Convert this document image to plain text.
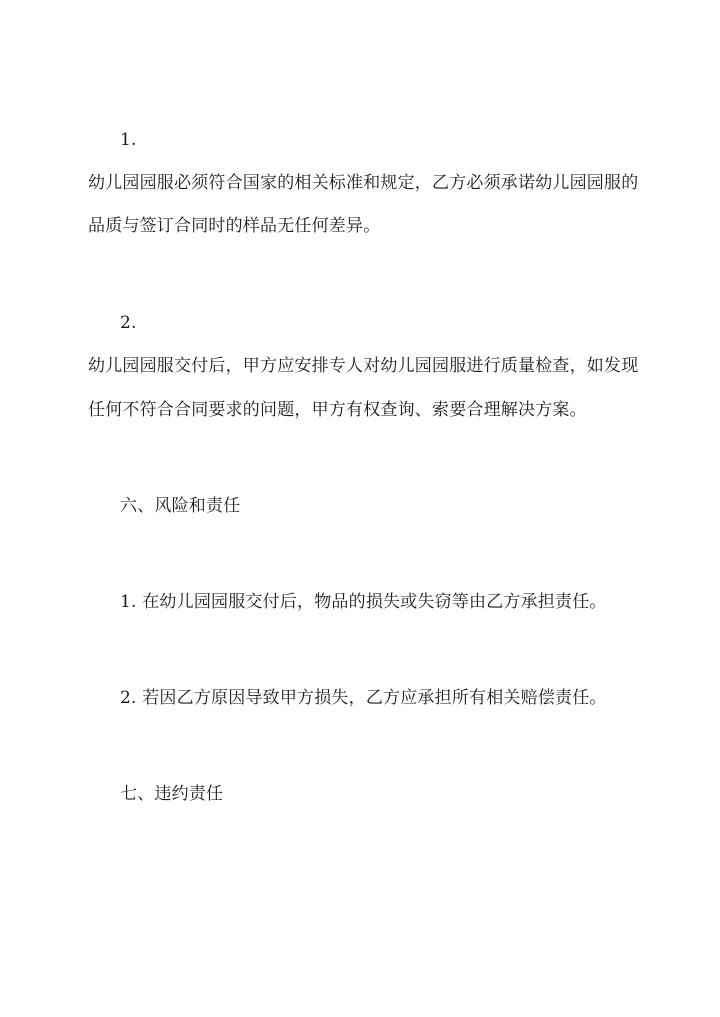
1.
幼儿园园服必须符合国家的相关标准和规定，乙方必须承诺幼儿园园服的
品质与签订合同时的样品无任何差异。
2.
幼儿园园服交付后，甲方应安排专人对幼儿园园服进行质量检查，如发现
任何不符合合同要求的问题，甲方有权查询、索要合理解决方案。
六、风险和责任
1. 在幼儿园园服交付后，物品的损失或失窃等由乙方承担责任。
2. 若因乙方原因导致甲方损失，乙方应承担所有相关赔偿责任。
七、违约责任
